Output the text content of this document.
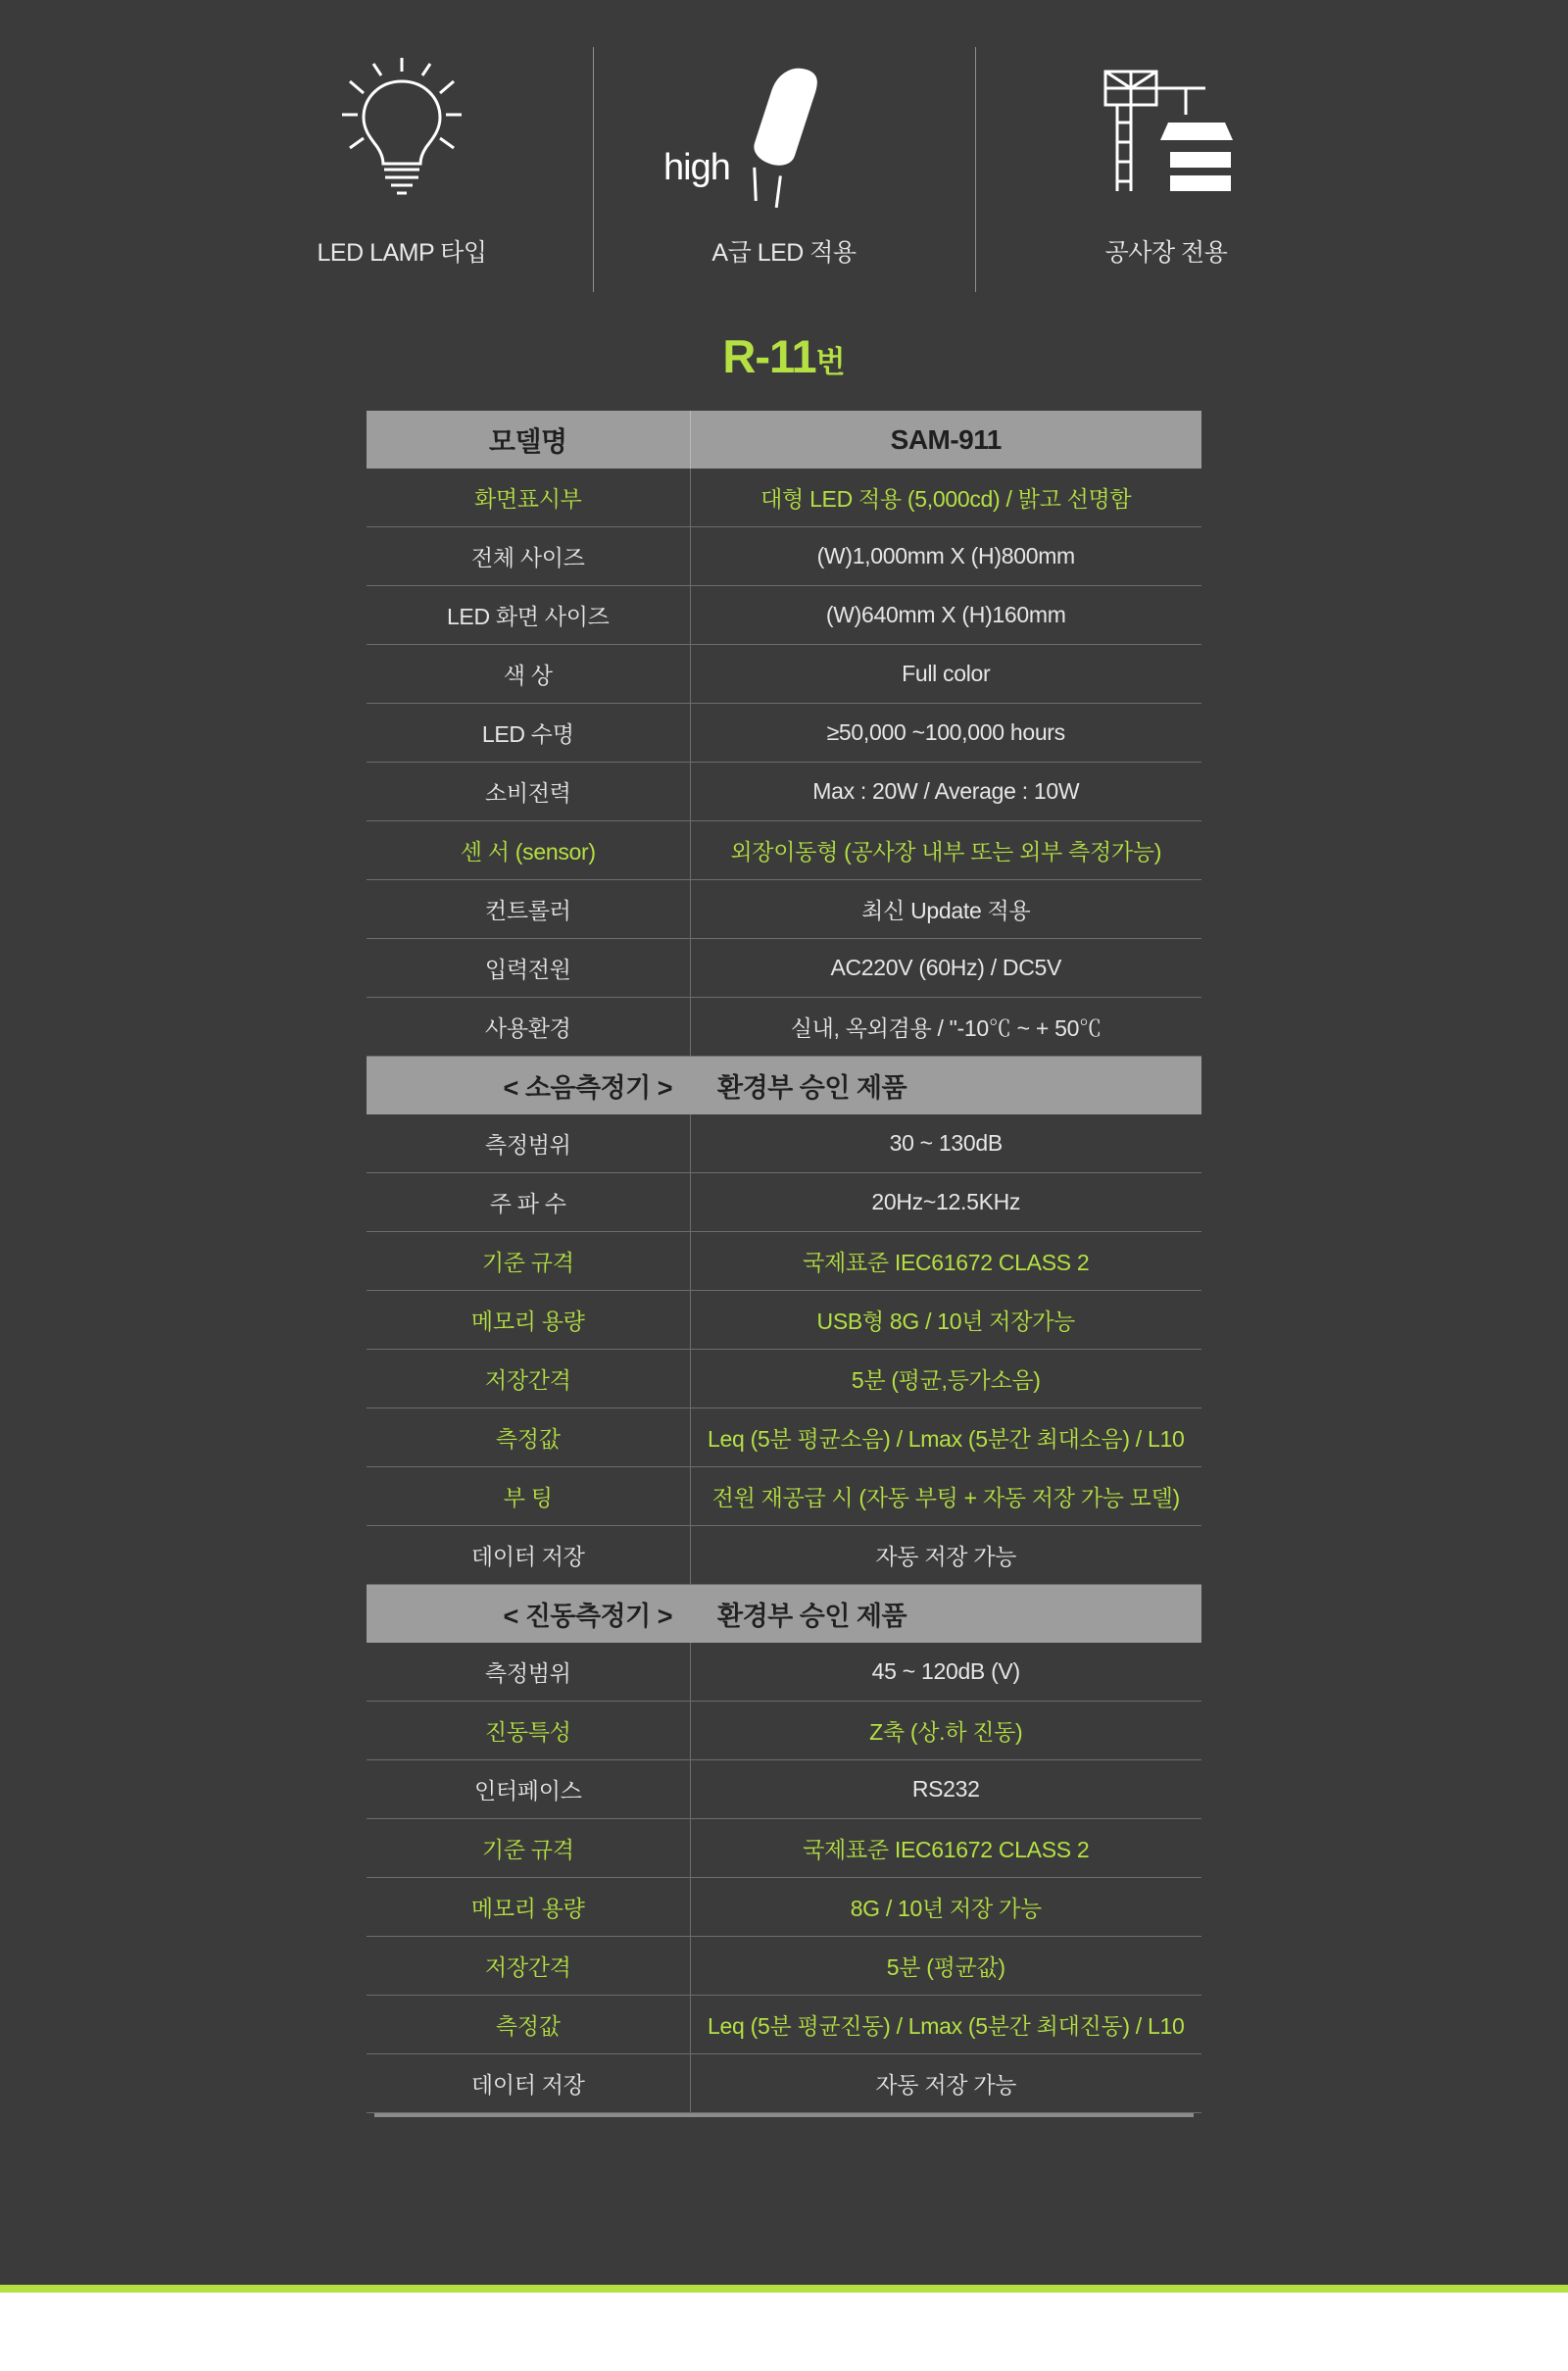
LED LAMP 타입
high
A급 LED 적용	공사장 전용
R-11번
모델명	SAM-911
화면표시부	대형 LED 적용 (5,000cd) / 밝고 선명함
전체 사이즈	(W)1,000mm X (H)800mm
LED 화면 사이즈	(W)640mm X (H)160mm
색 상	Full color
LED 수명	≥50,000 ~100,000 hours
소비전력	Max : 20W / Average : 10W
센 서 (sensor)	외장이동형 (공사장 내부 또는 외부 측정가능)
컨트롤러	최신 Update 적용
입력전원	AC220V (60Hz) / DC5V
사용환경	실내, 옥외겸용 / "-10℃ ~ + 50℃
< 소음측정기 >	환경부 승인 제품
측정범위	30 ~ 130dB
주 파 수	20Hz~12.5KHz
기준 규격	국제표준 IEC61672 CLASS 2
메모리 용량	USB형 8G / 10년 저장가능
저장간격	5분 (평균,등가소음)
측정값	Leq (5분 평균소음) / Lmax (5분간 최대소음) / L10
부 팅	전원 재공급 시 (자동 부팅 + 자동 저장 가능 모델)
데이터 저장	자동 저장 가능
< 진동측정기 >	환경부 승인 제품
측정범위	45 ~ 120dB (V)
진동특성	Z축 (상.하 진동)
인터페이스	RS232
기준 규격	국제표준 IEC61672 CLASS 2
메모리 용량	8G / 10년 저장 가능
저장간격	5분 (평균값)
측정값	Leq (5분 평균진동) / Lmax (5분간 최대진동) / L10
데이터 저장	자동 저장 가능
